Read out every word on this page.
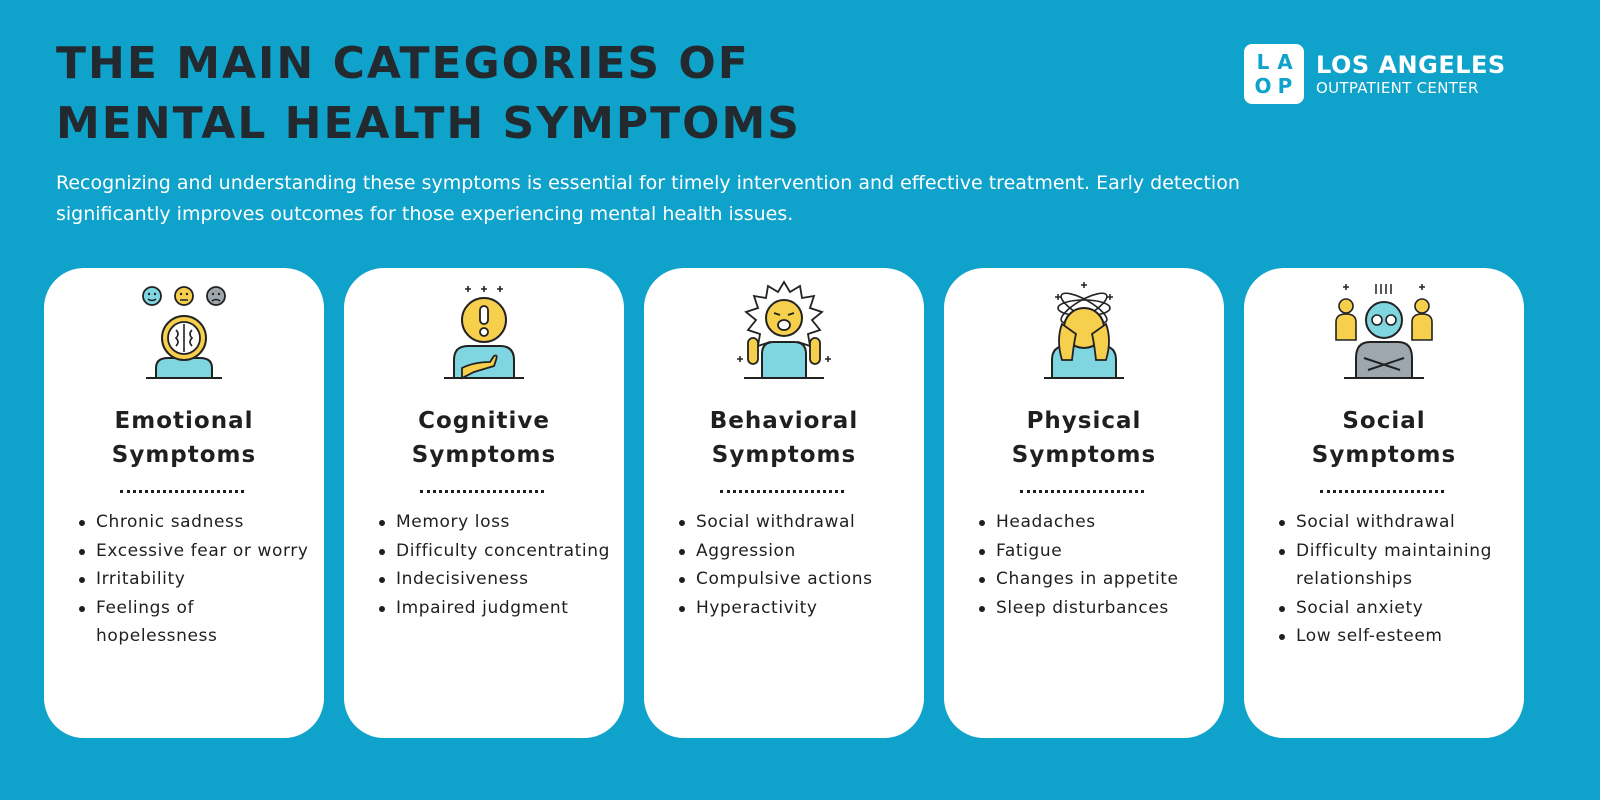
THE MAIN CATEGORIES OF
MENTAL HEALTH SYMPTOMS
L A
O P
LOS ANGELES
OUTPATIENT CENTER

Recognizing and understanding these symptoms is essential for timely intervention and effective treatment. Early detection significantly improves outcomes for those experiencing mental health issues.

Emotional
Symptoms
Chronic sadness
Excessive fear or worry
Irritability
Feelings of hopelessness
Cognitive
Symptoms
Memory loss
Difficulty concentrating
Indecisiveness
Impaired judgment
Behavioral
Symptoms
Social withdrawal
Aggression
Compulsive actions
Hyperactivity
Physical
Symptoms
Headaches
Fatigue
Changes in appetite
Sleep disturbances
Social
Symptoms
Social withdrawal
Difficulty maintaining relationships
Social anxiety
Low self-esteem
